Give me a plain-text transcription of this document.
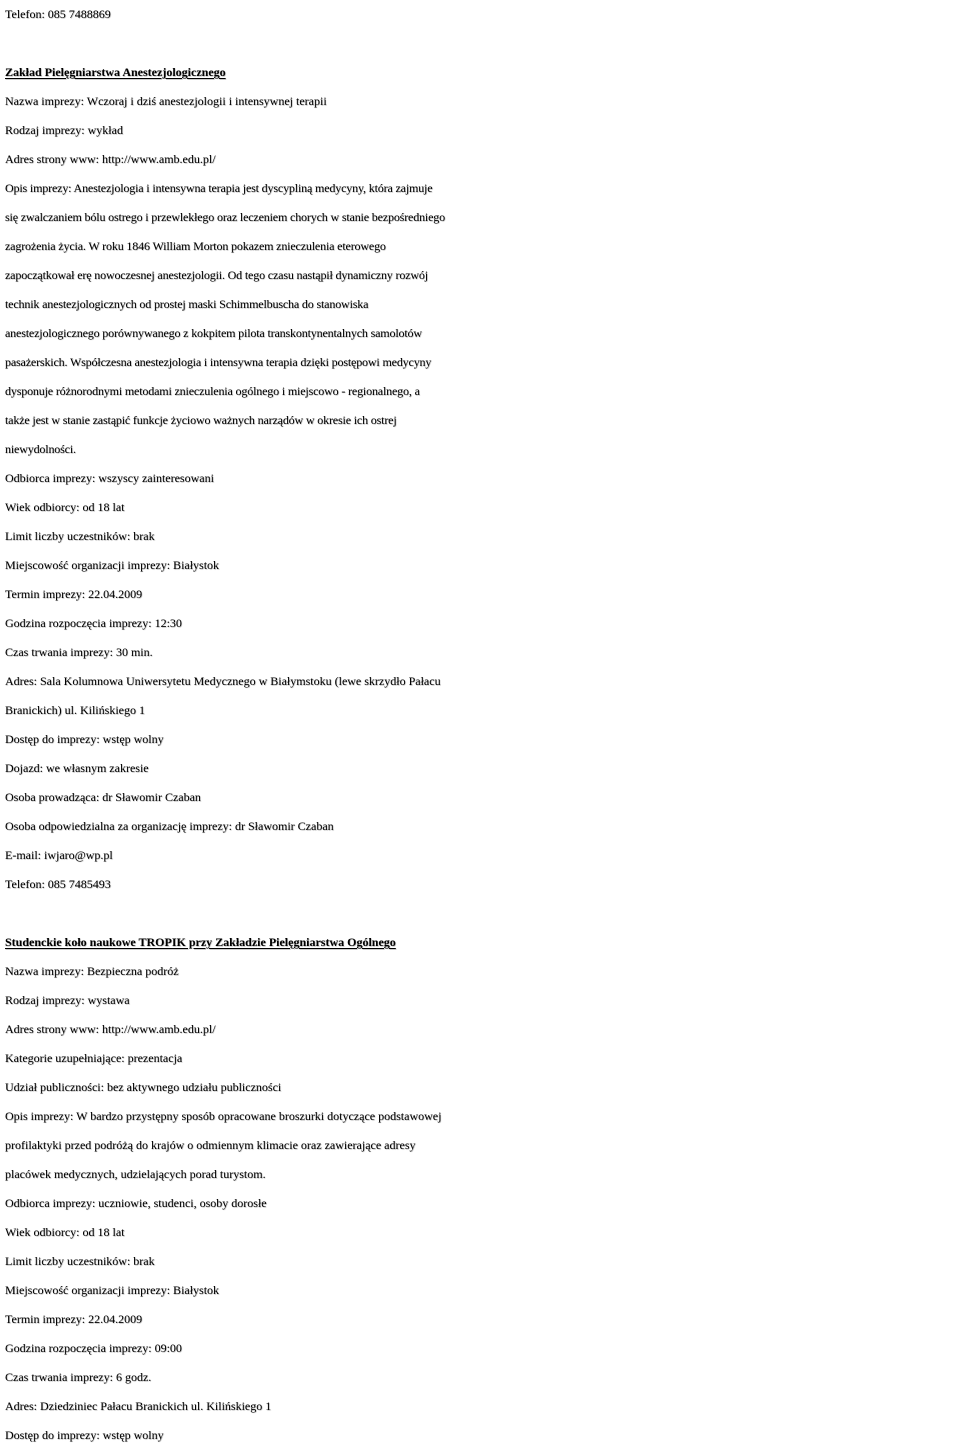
Telefon: 085 7488869
Zakład Pielęgniarstwa Anestezjologicznego
Nazwa imprezy: Wczoraj i dziś anestezjologii i intensywnej terapii
Rodzaj imprezy: wykład
Adres strony www: http://www.amb.edu.pl/
Opis imprezy: Anestezjologia i intensywna terapia jest dyscypliną medycyny, która zajmuje
się zwalczaniem bólu ostrego i przewlekłego oraz leczeniem chorych w stanie bezpośredniego
zagrożenia życia. W roku 1846 William Morton pokazem znieczulenia eterowego
zapoczątkował erę nowoczesnej anestezjologii. Od tego czasu nastąpił dynamiczny rozwój
technik anestezjologicznych od prostej maski Schimmelbuscha do stanowiska
anestezjologicznego porównywanego z kokpitem pilota transkontynentalnych samolotów
pasażerskich. Współczesna anestezjologia i intensywna terapia dzięki postępowi medycyny
dysponuje różnorodnymi metodami znieczulenia ogólnego i miejscowo - regionalnego, a
także jest w stanie zastąpić funkcje życiowo ważnych narządów w okresie ich ostrej
niewydolności.
Odbiorca imprezy: wszyscy zainteresowani
Wiek odbiorcy: od 18 lat
Limit liczby uczestników: brak
Miejscowość organizacji imprezy: Białystok
Termin imprezy: 22.04.2009
Godzina rozpoczęcia imprezy: 12:30
Czas trwania imprezy: 30 min.
Adres: Sala Kolumnowa Uniwersytetu Medycznego w Białymstoku (lewe skrzydło Pałacu
Branickich) ul. Kilińskiego 1
Dostęp do imprezy: wstęp wolny
Dojazd: we własnym zakresie
Osoba prowadząca: dr Sławomir Czaban
Osoba odpowiedzialna za organizację imprezy: dr Sławomir Czaban
E-mail: iwjaro@wp.pl
Telefon: 085 7485493
Studenckie koło naukowe TROPIK przy Zakładzie Pielęgniarstwa Ogólnego
Nazwa imprezy: Bezpieczna podróż
Rodzaj imprezy: wystawa
Adres strony www: http://www.amb.edu.pl/
Kategorie uzupełniające: prezentacja
Udział publiczności: bez aktywnego udziału publiczności
Opis imprezy: W bardzo przystępny sposób opracowane broszurki dotyczące podstawowej
profilaktyki przed podróżą do krajów o odmiennym klimacie oraz zawierające adresy
placówek medycznych, udzielających porad turystom.
Odbiorca imprezy: uczniowie, studenci, osoby dorosłe
Wiek odbiorcy: od 18 lat
Limit liczby uczestników: brak
Miejscowość organizacji imprezy: Białystok
Termin imprezy: 22.04.2009
Godzina rozpoczęcia imprezy: 09:00
Czas trwania imprezy: 6 godz.
Adres: Dziedziniec Pałacu Branickich ul. Kilińskiego 1
Dostęp do imprezy: wstęp wolny
